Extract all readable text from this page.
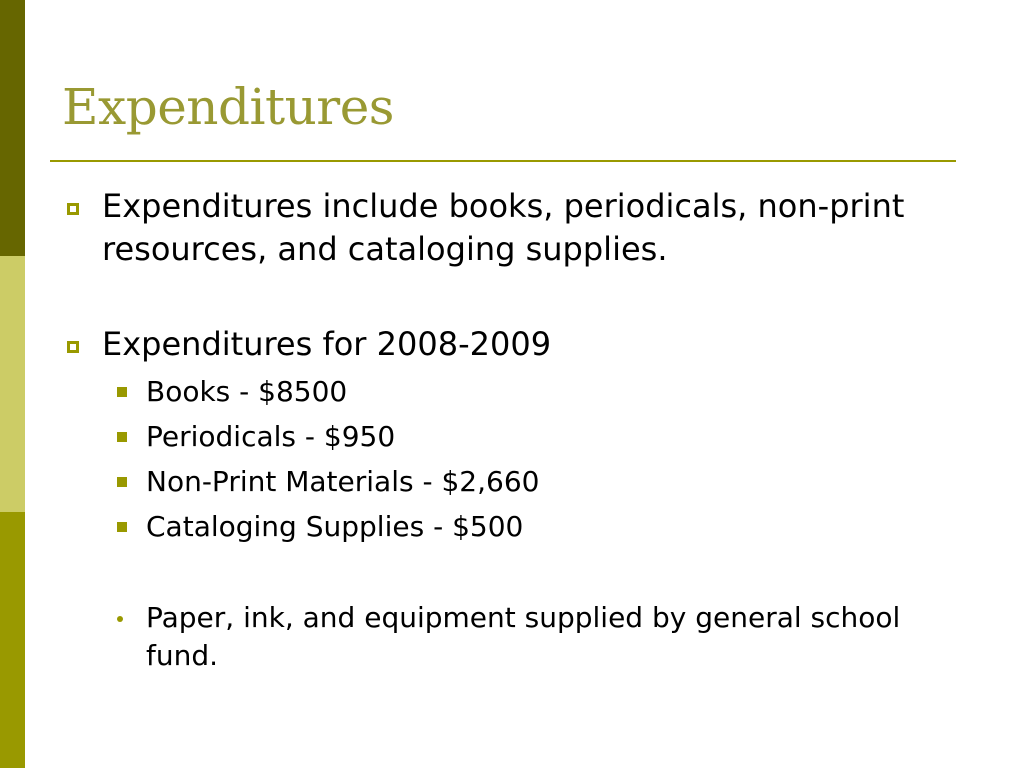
Expenditures
Expenditures include books, periodicals, non-print resources, and cataloging supplies.
Expenditures for 2008-2009
Books - $8500
Periodicals - $950
Non-Print Materials - $2,660
Cataloging Supplies - $500
Paper, ink, and equipment supplied by general school fund.
